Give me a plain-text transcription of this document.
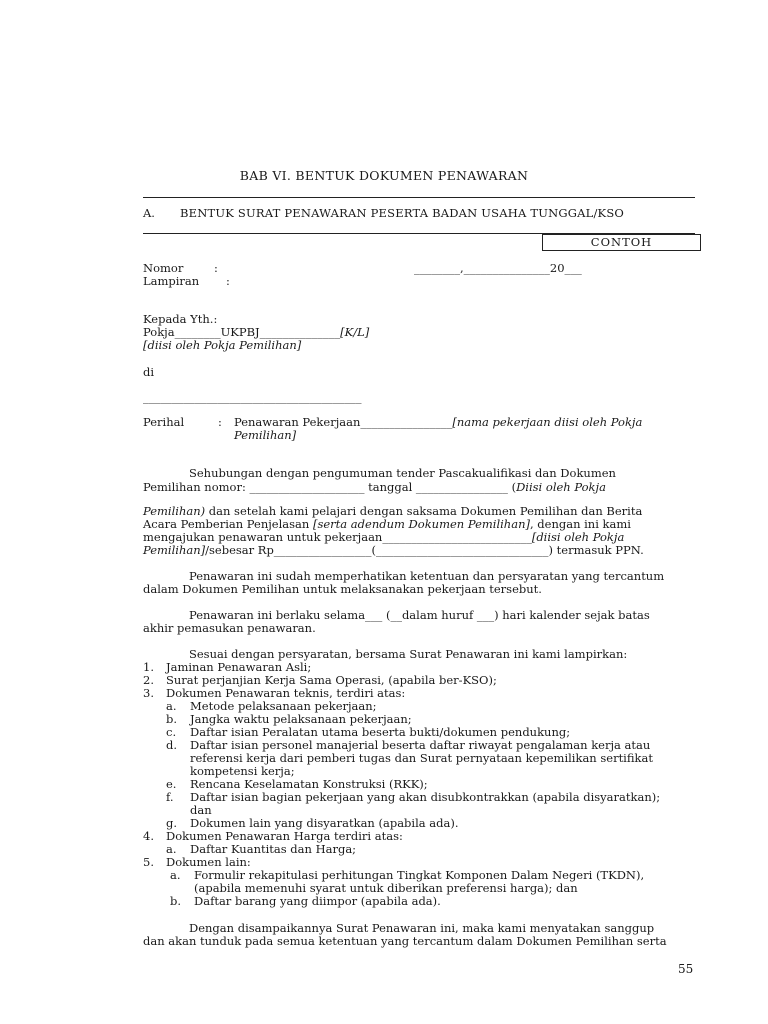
BAB VI. BENTUK DOKUMEN PENAWARAN
A. BENTUK SURAT PENAWARAN PESERTA BADAN USAHA TUNGGAL/KSO
CONTOH
Nomor	:	________,_______________20___
Lampiran :
Kepada Yth.:
Pokja________UKPBJ______________[K/L]
[diisi oleh Pokja Pemilihan]
di
______________________________________
Perihal	: Penawaran Pekerjaan________________[nama pekerjaan diisi oleh Pokja
Pemilihan]
Sehubungan dengan pengumuman tender Pascakualifikasi dan Dokumen
Pemilihan nomor: ____________________ tanggal ________________ (Diisi oleh Pokja
Pemilihan) dan setelah kami pelajari dengan saksama Dokumen Pemilihan dan Berita
Acara Pemberian Penjelasan [serta adendum Dokumen Pemilihan], dengan ini kami
mengajukan penawaran untuk pekerjaan__________________________[diisi oleh Pokja
Pemilihan]/sebesar Rp_________________(______________________________) termasuk PPN.
Penawaran ini sudah memperhatikan ketentuan dan persyaratan yang tercantum
dalam Dokumen Pemilihan untuk melaksanakan pekerjaan tersebut.
Penawaran ini berlaku selama___ (__dalam huruf ___) hari kalender sejak batas
akhir pemasukan penawaran.
Sesuai dengan persyaratan, bersama Surat Penawaran ini kami lampirkan:
1. Jaminan Penawaran Asli;
2. Surat perjanjian Kerja Sama Operasi, (apabila ber-KSO);
3. Dokumen Penawaran teknis, terdiri atas:
a. Metode pelaksanaan pekerjaan;
b. Jangka waktu pelaksanaan pekerjaan;
c. Daftar isian Peralatan utama beserta bukti/dokumen pendukung;
d. Daftar isian personel manajerial beserta daftar riwayat pengalaman kerja atau
referensi kerja dari pemberi tugas dan Surat pernyataan kepemilikan sertifikat
kompetensi kerja;
e. Rencana Keselamatan Konstruksi (RKK);
f. Daftar isian bagian pekerjaan yang akan disubkontrakkan (apabila disyaratkan);
dan
g. Dokumen lain yang disyaratkan (apabila ada).
4. Dokumen Penawaran Harga terdiri atas:
a. Daftar Kuantitas dan Harga;
5. Dokumen lain:
a. Formulir rekapitulasi perhitungan Tingkat Komponen Dalam Negeri (TKDN),
(apabila memenuhi syarat untuk diberikan preferensi harga); dan
b. Daftar barang yang diimpor (apabila ada).
Dengan disampaikannya Surat Penawaran ini, maka kami menyatakan sanggup
dan akan tunduk pada semua ketentuan yang tercantum dalam Dokumen Pemilihan serta
55
